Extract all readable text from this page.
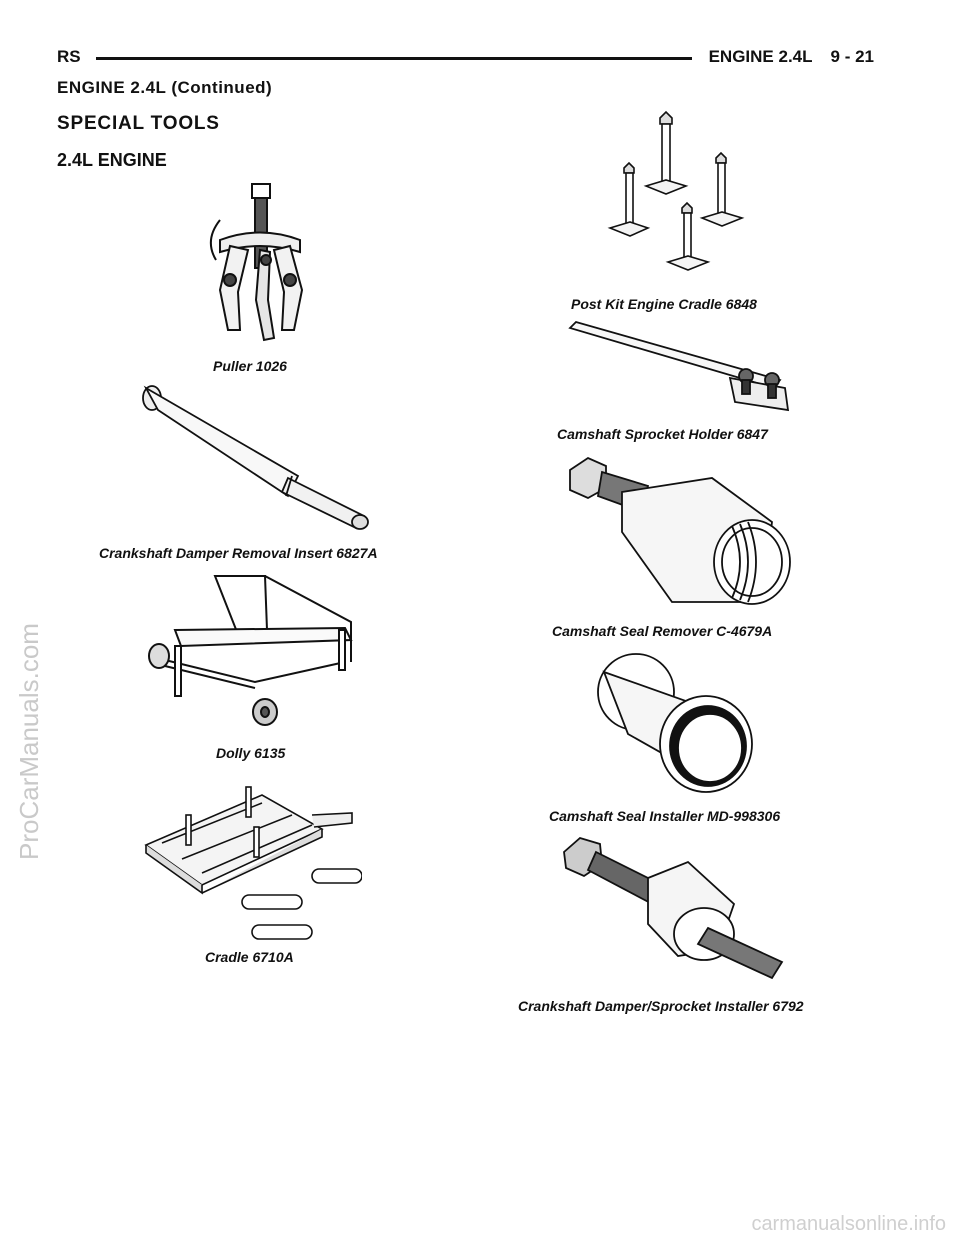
RS	ENGINE 2.4L 9 - 21
ENGINE 2.4L (Continued)
SPECIAL TOOLS
2.4L ENGINE
Puller 1026
Post Kit Engine Cradle 6848
Camshaft Sprocket Holder 6847
Crankshaft Damper Removal Insert 6827A
Camshaft Seal Remover C-4679A
Dolly 6135
Camshaft Seal Installer MD-998306
Cradle 6710A
Crankshaft Damper/Sprocket Installer 6792
ProCarManuals.com
carmanualsonline.info
